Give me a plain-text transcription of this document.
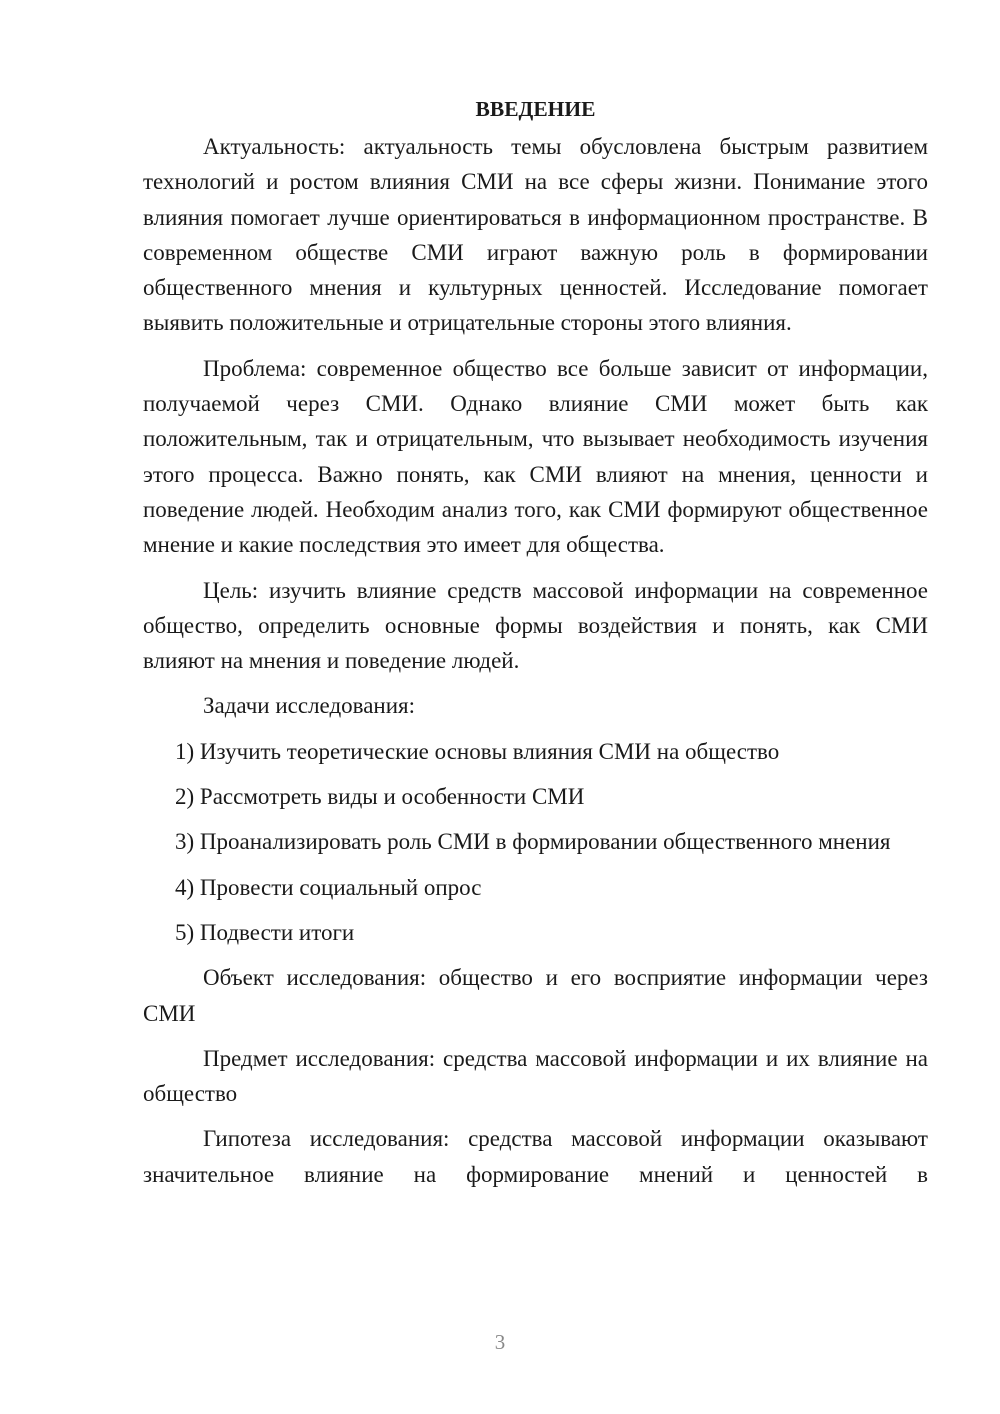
ВВЕДЕНИЕ

Актуальность: актуальность темы обусловлена быстрым развитием технологий и ростом влияния СМИ на все сферы жизни. Понимание этого влияния помогает лучше ориентироваться в информационном пространстве. В современном обществе СМИ играют важную роль в формировании общественного мнения и культурных ценностей. Исследование помогает выявить положительные и отрицательные стороны этого влияния.

Проблема: современное общество все больше зависит от информации, получаемой через СМИ. Однако влияние СМИ может быть как положительным, так и отрицательным, что вызывает необходимость изучения этого процесса. Важно понять, как СМИ влияют на мнения, ценности и поведение людей. Необходим анализ того, как СМИ формируют общественное мнение и какие последствия это имеет для общества.

Цель: изучить влияние средств массовой информации на современное общество, определить основные формы воздействия и понять, как СМИ влияют на мнения и поведение людей.

Задачи исследования:

1) Изучить теоретические основы влияния СМИ на общество

2) Рассмотреть виды и особенности СМИ

3) Проанализировать роль СМИ в формировании общественного мнения

4) Провести социальный опрос

5) Подвести итоги

Объект исследования: общество и его восприятие информации через СМИ

Предмет исследования: средства массовой информации и их влияние на общество

Гипотеза исследования: средства массовой информации оказывают значительное влияние на формирование мнений и ценностей в

3
